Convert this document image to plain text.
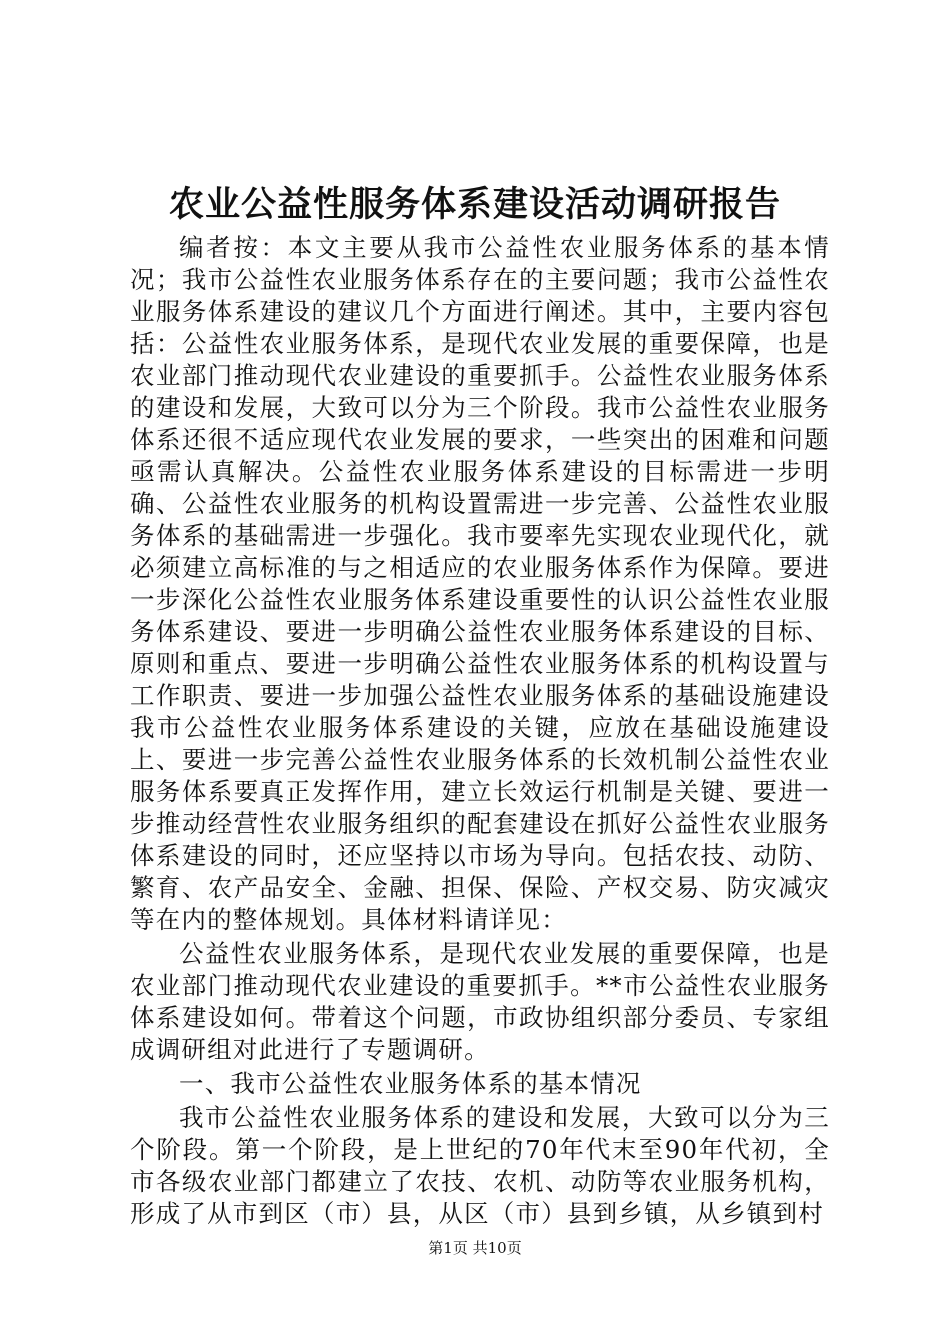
农业公益性服务体系建设活动调研报告

编者按：本文主要从我市公益性农业服务体系的基本情况；我市公益性农业服务体系存在的主要问题；我市公益性农业服务体系建设的建议几个方面进行阐述。其中，主要内容包括：公益性农业服务体系，是现代农业发展的重要保障，也是农业部门推动现代农业建设的重要抓手。公益性农业服务体系的建设和发展，大致可以分为三个阶段。我市公益性农业服务体系还很不适应现代农业发展的要求，一些突出的困难和问题亟需认真解决。公益性农业服务体系建设的目标需进一步明确、公益性农业服务的机构设置需进一步完善、公益性农业服务体系的基础需进一步强化。我市要率先实现农业现代化，就必须建立高标准的与之相适应的农业服务体系作为保障。要进一步深化公益性农业服务体系建设重要性的认识公益性农业服务体系建设、要进一步明确公益性农业服务体系建设的目标、原则和重点、要进一步明确公益性农业服务体系的机构设置与工作职责、要进一步加强公益性农业服务体系的基础设施建设我市公益性农业服务体系建设的关键，应放在基础设施建设上、要进一步完善公益性农业服务体系的长效机制公益性农业服务体系要真正发挥作用，建立长效运行机制是关键、要进一步推动经营性农业服务组织的配套建设在抓好公益性农业服务体系建设的同时，还应坚持以市场为导向。包括农技、动防、繁育、农产品安全、金融、担保、保险、产权交易、防灾减灾等在内的整体规划。具体材料请详见：

公益性农业服务体系，是现代农业发展的重要保障，也是农业部门推动现代农业建设的重要抓手。**市公益性农业服务体系建设如何。带着这个问题，市政协组织部分委员、专家组成调研组对此进行了专题调研。

一、我市公益性农业服务体系的基本情况

我市公益性农业服务体系的建设和发展，大致可以分为三个阶段。第一个阶段，是上世纪的70年代末至90年代初，全市各级农业部门都建立了农技、农机、动防等农业服务机构，形成了从市到区（市）县，从区（市）县到乡镇，从乡镇到村

第1页 共10页
